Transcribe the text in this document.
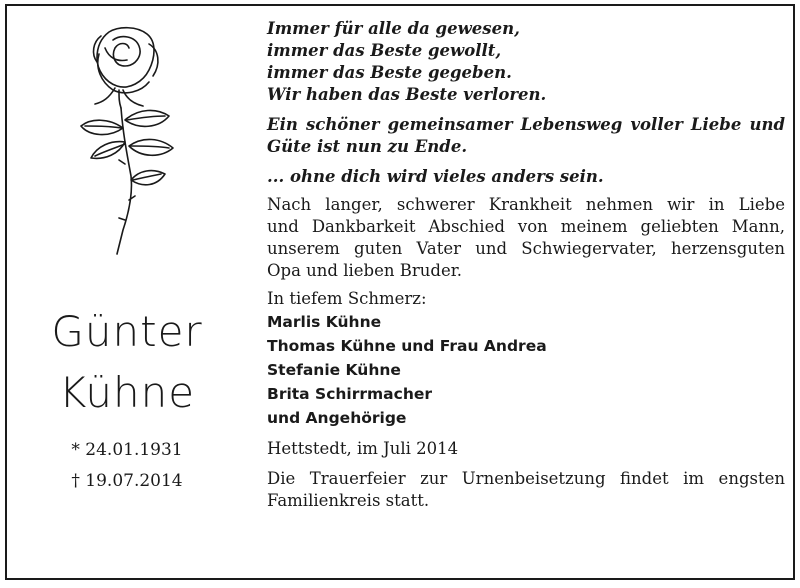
Günter
Kühne
* 24.01.1931
† 19.07.2014
Immer für alle da gewesen,
immer das Beste gewollt,
immer das Beste gegeben.
Wir haben das Beste verloren.
Ein schöner gemeinsamer Lebensweg voller Liebe und
Güte ist nun zu Ende.
... ohne dich wird vieles anders sein.
Nach langer, schwerer Krankheit nehmen wir in Liebe
und Dankbarkeit Abschied von meinem geliebten Mann,
unserem guten Vater und Schwiegervater, herzensguten
Opa und lieben Bruder.
In tiefem Schmerz:
Marlis Kühne
Thomas Kühne und Frau Andrea
Stefanie Kühne
Brita Schirrmacher
und Angehörige
Hettstedt, im Juli 2014
Die Trauerfeier zur Urnenbeisetzung findet im engsten
Familienkreis statt.
